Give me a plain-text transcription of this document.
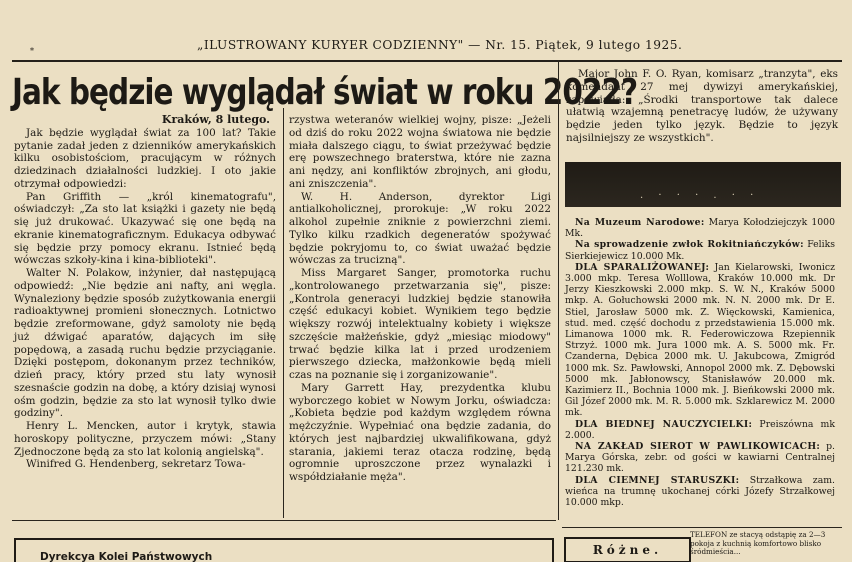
⁎	„ILUSTROWANY KURYER CODZIENNY" — Nr. 15. Piątek, 9 lutego 1925.
Jak będzie wyglądał świat w roku 2022?

Kraków, 8 lutego.

Jak będzie wyglądał świat za 100 lat? Takie pytanie zadał jeden z dzienników amerykańskich kilku osobistościom, pracującym w różnych dziedzinach działalności ludzkiej. I oto jakie otrzymał odpowiedzi:

Pan Griffith — „król kinematografu", oświadczył: „Za sto lat książki i gazety nie będą się już drukować. Ukazywać się one będą na ekranie kinematograficznym. Edukacya odbywać się będzie przy pomocy ekranu. Istnieć będą wówczas szkoły-kina i kina-biblioteki".

Walter N. Polakow, inżynier, dał następującą odpowiedź: „Nie będzie ani nafty, ani węgla. Wynaleziony będzie sposób zużytkowania energii radioaktywnej promieni słonecznych. Lotnictwo będzie zreformowane, gdyż samoloty nie będą już dźwigać aparatów, dających im siłę popędową, a zasadą ruchu będzie przyciąganie. Dzięki postępom, dokonanym przez techników, dzień pracy, który przed stu laty wynosił szesnaście godzin na dobę, a który dzisiaj wynosi ośm godzin, będzie za sto lat wynosił tylko dwie godziny".

Henry L. Mencken, autor i krytyk, stawia horoskopy polityczne, przyczem mówi: „Stany Zjednoczone będą za sto lat kolonią angielską".

Winifred G. Hendenberg, sekretarz Towa-

rzystwa weteranów wielkiej wojny, pisze: „Jeżeli od dziś do roku 2022 wojna światowa nie będzie miała dalszego ciągu, to świat przeżywać będzie erę powszechnego braterstwa, które nie zazna ani nędzy, ani konfliktów zbrojnych, ani głodu, ani zniszczenia".

W. H. Anderson, dyrektor Ligi antialkoholicznej, prorokuje: „W roku 2022 alkohol zupełnie zniknie z powierzchni ziemi. Tylko kilku rzadkich degeneratów spożywać będzie pokryjomu to, co świat uważać będzie wówczas za trucizną".

Miss Margaret Sanger, promotorka ruchu „kontrolowanego przetwarzania się", pisze: „Kontrola generacyi ludzkiej będzie stanowiła część edukacyi kobiet. Wynikiem tego będzie większy rozwój intelektualny kobiety i większe szczęście małżeńskie, gdyż „miesiąc miodowy" trwać będzie kilka lat i przed urodzeniem pierwszego dziecka, małżonkowie będą mieli czas na poznanie się i zorganizowanie".

Mary Garrett Hay, prezydentka klubu wyborczego kobiet w Nowym Jorku, oświadcza: „Kobieta będzie pod każdym względem równa mężczyźnie. Wypełniać ona będzie zadania, do których jest najbardziej ukwalifikowana, gdyż starania, jakiemi teraz otacza rodzinę, będą ogromnie uproszczone przez wynalazki i współdziałanie męża".

Major John F. O. Ryan, komisarz „tranzyta", eks komendant 27 mej dywizyi amerykańskiej, zapowiada: „Środki transportowe tak dalece ułatwią wzajemną penetracyę ludów, że używany będzie jeden tylko język. Będzie to język najsilniejszy ze wszystkich".

. · · · . · ·

Na Muzeum Narodowe: Marya Kołodziejczyk 1000 Mk.

Na sprowadzenie zwłok Rokitniańczyków: Feliks Sierkiejewicz 10.000 Mk.

DLA SPARALIŻOWANEJ: Jan Kielarowski, Iwonicz 3.000 mkp. Teresa Wolllowa, Kraków 10.000 mk. Dr Jerzy Kieszkowski 2.000 mkp. S. W. N., Kraków 5000 mkp. A. Gołuchowski 2000 mk. N. N. 2000 mk. Dr E. Stiel, Jarosław 5000 mk. Z. Więckowski, Kamienica, stud. med. część dochodu z przedstawienia 15.000 mk. Limanowa 1000 mk. R. Federowiczowa Rzepiennik Strzyż. 1000 mk. Jura 1000 mk. A. S. 5000 mk. Fr. Czanderna, Dębica 2000 mk. U. Jakubcowa, Zmigród 1000 mk. Sz. Pawłowski, Annopol 2000 mk. Z. Dębowski 5000 mk. Jabłonowscy, Stanisławów 20.000 mk. Kazimierz II., Bochnia 1000 mk. J. Bieńkowski 2000 mk. Gil Józef 2000 mk. M. R. 5.000 mk. Szklarewicz M. 2000 mk.

DLA BIEDNEJ NAUCZYCIELKI: Preiszówna mk 2.000.

NA ZAKŁAD SIEROT W PAWLIKOWICACH: p. Marya Górska, zebr. od gości w kawiarni Centralnej 121.230 mk.

DLA CIEMNEJ STARUSZKI: Strzałkowa zam. wieńca na trumnę ukochanej córki Józefy Strzałkowej 10.000 mkp.

Dyrekcya Kolei Państwowych	Różne.
TELEFON ze stacyą odstąpię za 2—3 pokoja z kuchnią komfortowo blisko śródmieścia...
